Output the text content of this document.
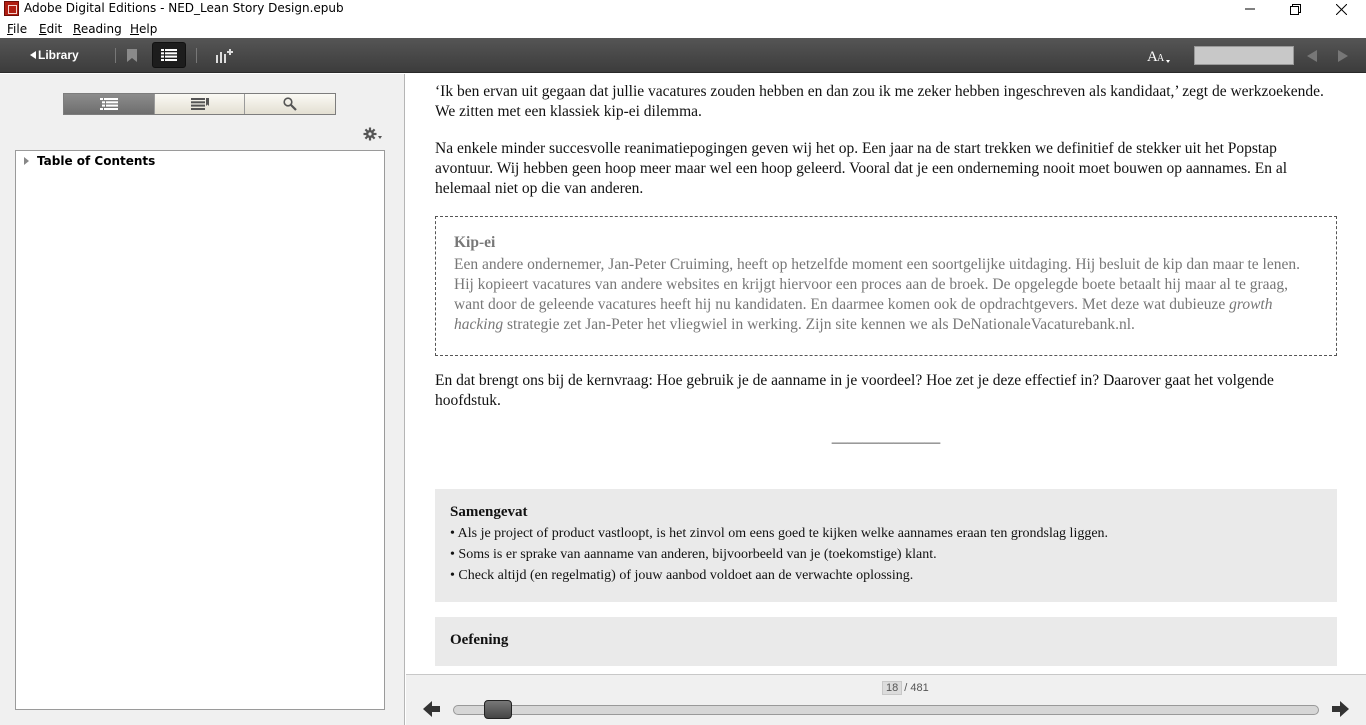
Adobe Digital Editions - NED_Lean Story Design.epub
File Edit Reading Help
Library	A A
Table of Contents

‘Ik ben ervan uit gegaan dat jullie vacatures zouden hebben en dan zou ik me zeker hebben ingeschreven als kandidaat,’ zegt de werkzoekende. We zitten met een klassiek kip-ei dilemma.

Na enkele minder succesvolle reanimatiepogingen geven wij het op. Een jaar na de start trekken we definitief de stekker uit het Popstap avontuur. Wij hebben geen hoop meer maar wel een hoop geleerd. Vooral dat je een onderneming nooit moet bouwen op aannames. En al helemaal niet op die van anderen.

Kip-ei
Een andere ondernemer, Jan-Peter Cruiming, heeft op hetzelfde moment een soortgelijke uitdaging. Hij besluit de kip dan maar te lenen. Hij kopieert vacatures van andere websites en krijgt hiervoor een proces aan de broek. De opgelegde boete betaalt hij maar al te graag, want door de geleende vacatures heeft hij nu kandidaten. En daarmee komen ook de opdrachtgevers. Met deze wat dubieuze growth hacking strategie zet Jan-Peter het vliegwiel in werking. Zijn site kennen we als DeNationaleVacaturebank.nl.

En dat brengt ons bij de kernvraag: Hoe gebruik je de aanname in je voordeel? Hoe zet je deze effectief in? Daarover gaat het volgende hoofdstuk.

———————
Samengevat
• Als je project of product vastloopt, is het zinvol om eens goed te kijken welke aannames eraan ten grondslag liggen.
• Soms is er sprake van aanname van anderen, bijvoorbeeld van je (toekomstige) klant.
• Check altijd (en regelmatig) of jouw aanbod voldoet aan de verwachte oplossing.
Oefening
18 / 481
